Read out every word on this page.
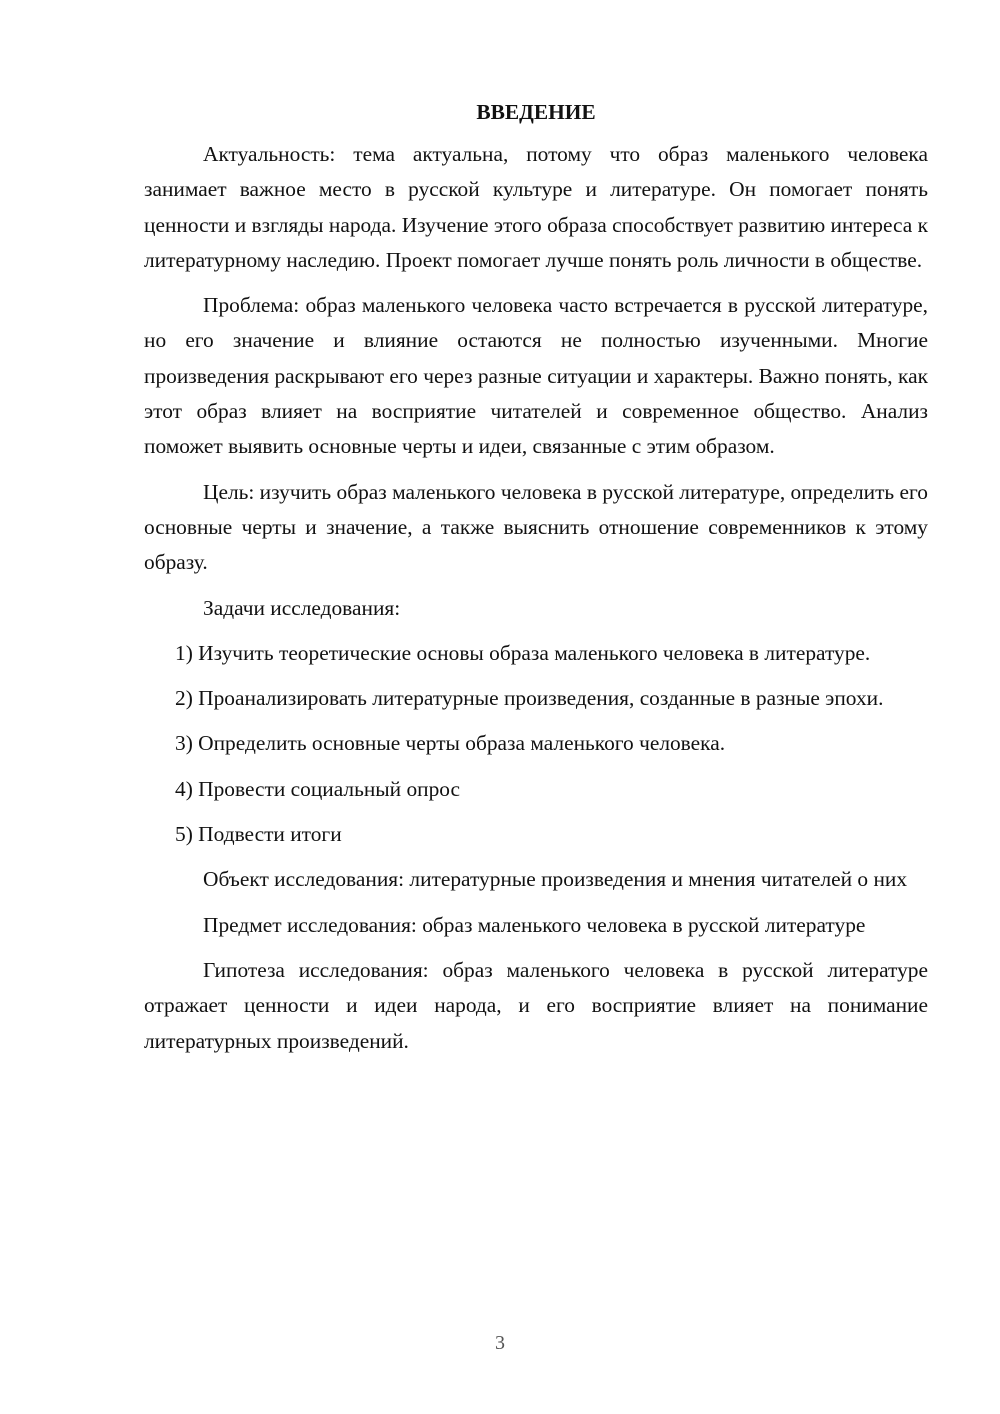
ВВЕДЕНИЕ

Актуальность: тема актуальна, потому что образ маленького человека занимает важное место в русской культуре и литературе. Он помогает понять ценности и взгляды народа. Изучение этого образа способствует развитию интереса к литературному наследию. Проект помогает лучше понять роль личности в обществе.

Проблема: образ маленького человека часто встречается в русской литературе, но его значение и влияние остаются не полностью изученными. Многие произведения раскрывают его через разные ситуации и характеры. Важно понять, как этот образ влияет на восприятие читателей и современное общество. Анализ поможет выявить основные черты и идеи, связанные с этим образом.

Цель: изучить образ маленького человека в русской литературе, определить его основные черты и значение, а также выяснить отношение современников к этому образу.

Задачи исследования:

1) Изучить теоретические основы образа маленького человека в литературе.

2) Проанализировать литературные произведения, созданные в разные эпохи.

3) Определить основные черты образа маленького человека.

4) Провести социальный опрос

5) Подвести итоги

Объект исследования: литературные произведения и мнения читателей о них

Предмет исследования: образ маленького человека в русской литературе

Гипотеза исследования: образ маленького человека в русской литературе отражает ценности и идеи народа, и его восприятие влияет на понимание литературных произведений.

3
